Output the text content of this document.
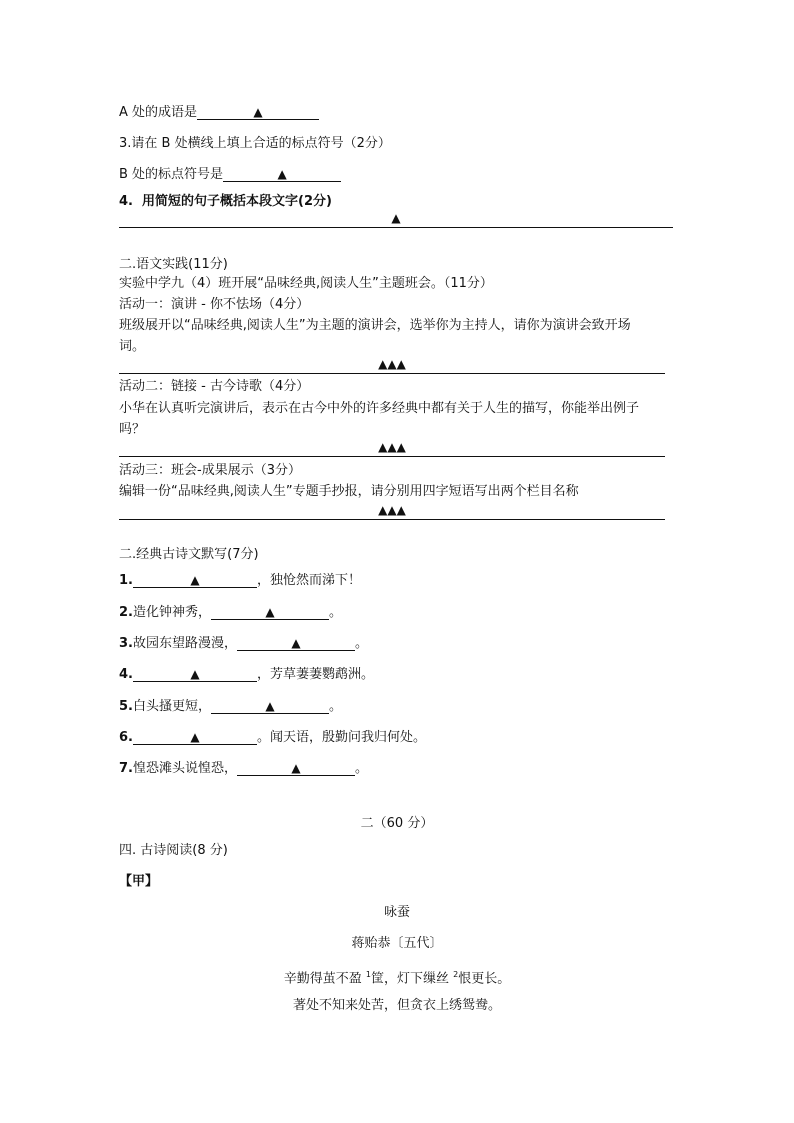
A 处的成语是	▲
3.请在 B 处横线上填上合适的标点符号（2分）
B 处的标点符号是	▲
4. 用简短的句子概括本段文字(2分)
▲
二.语文实践(11分)
实验中学九（4）班开展“品味经典,阅读人生”主题班会。（11分）
活动一：演讲 - 你不怯场（4分）
班级展开以“品味经典,阅读人生”为主题的演讲会，选举你为主持人，请你为演讲会致开场
词。
▲▲▲
活动二：链接 - 古今诗歌（4分）
小华在认真听完演讲后，表示在古今中外的许多经典中都有关于人生的描写，你能举出例子
吗？
▲▲▲
活动三：班会-成果展示（3分）
编辑一份“品味经典,阅读人生”专题手抄报，请分别用四字短语写出两个栏目名称
▲▲▲
二.经典古诗文默写(7分)
1.	▲	，独怆然而涕下！
2.造化钟神秀，	▲	。
3.故园东望路漫漫，	▲	。
4.	▲	，芳草萋萋鹦鹉洲。
5.白头搔更短，	▲	。
6.	▲	。闻天语，殷勤问我归何处。
7.惶恐滩头说惶恐，	▲	。
二（60 分）
四. 古诗阅读(8 分)
【甲】
咏蚕
蒋贻恭〔五代〕
辛勤得茧不盈 $^1$筐，灯下缫丝 $^2$恨更长。
著处不知来处苦，但贪衣上绣鸳鸯。
